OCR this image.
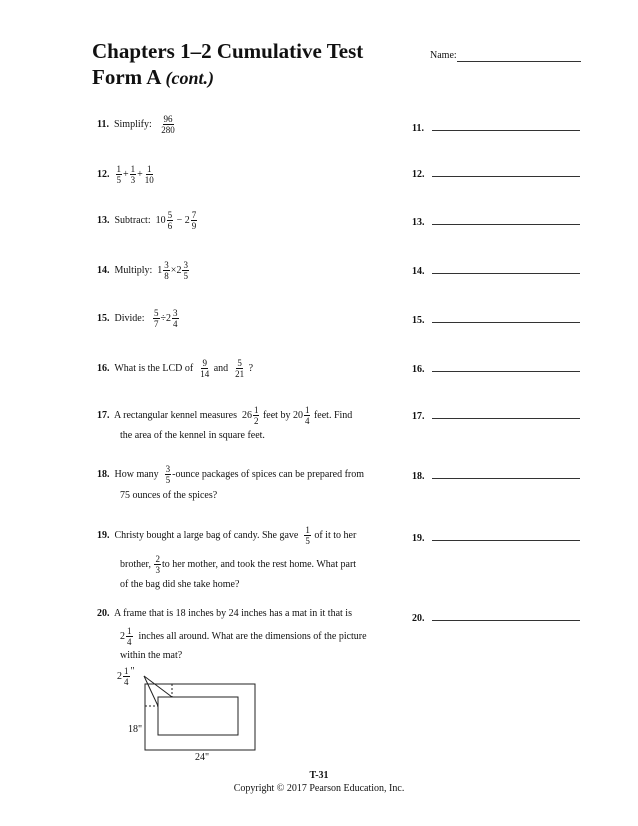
Chapters 1–2 Cumulative Test
Form A (cont.)
Name:
11. Simplify: $\frac{96}{280}$
12. $\frac{1}{5} + \frac{1}{3} + \frac{1}{10}$
13. Subtract: $10 \frac{5}{6} - 2 \frac{7}{9}$
14. Multiply: $1 \frac{3}{8} \times 2 \frac{3}{5}$
15. Divide: $\frac{5}{7} \div 2 \frac{3}{4}$
16. What is the LCD of $\frac{9}{14}$ and $\frac{5}{21}$ ?
17. A rectangular kennel measures $26 \frac{1}{2}$ feet by $20 \frac{1}{4}$ feet. Find
the area of the kennel in square feet.
18. How many $\frac{3}{5}$ -ounce packages of spices can be prepared from
75 ounces of the spices?
19. Christy bought a large bag of candy. She gave $\frac{1}{5}$ of it to her
brother, $\frac{2}{3}$ to her mother, and took the rest home. What part
of the bag did she take home?
20. A frame that is 18 inches by 24 inches has a mat in it that is
$2 \frac{1}{4}$ inches all around. What are the dimensions of the picture
within the mat?
$2 \frac{1}{4}$ "
18"
24"
11.
12.
13.
14.
15.
16.
17.
18.
19.
20.
T-31
Copyright © 2017 Pearson Education, Inc.
